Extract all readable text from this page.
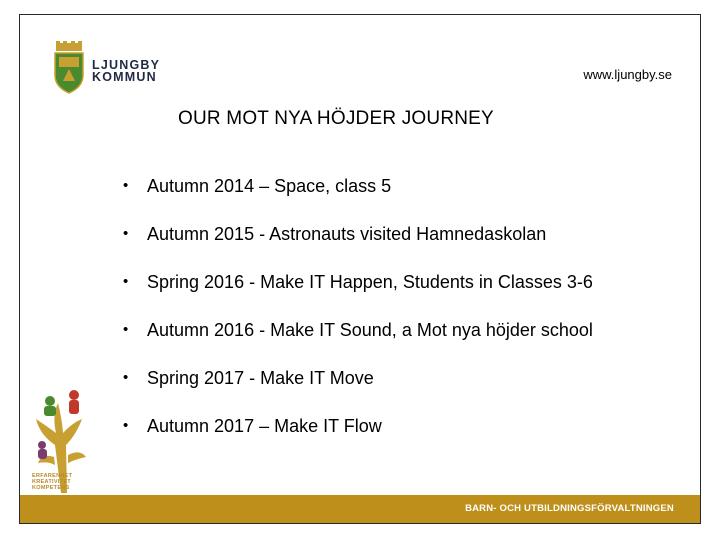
LJUNGBY
KOMMUN	www.ljungby.se
OUR MOT NYA HÖJDER JOURNEY
• Autumn 2014 – Space, class 5
• Autumn 2015 - Astronauts visited Hamnedaskolan
• Spring 2016 - Make IT Happen, Students in Classes 3-6
• Autumn 2016 - Make IT Sound, a Mot nya höjder school
• Spring 2017 - Make IT Move
• Autumn 2017 – Make IT Flow
ERFARENHET
KREATIVITET
KOMPETENS
BARN- OCH UTBILDNINGSFÖRVALTNINGEN
